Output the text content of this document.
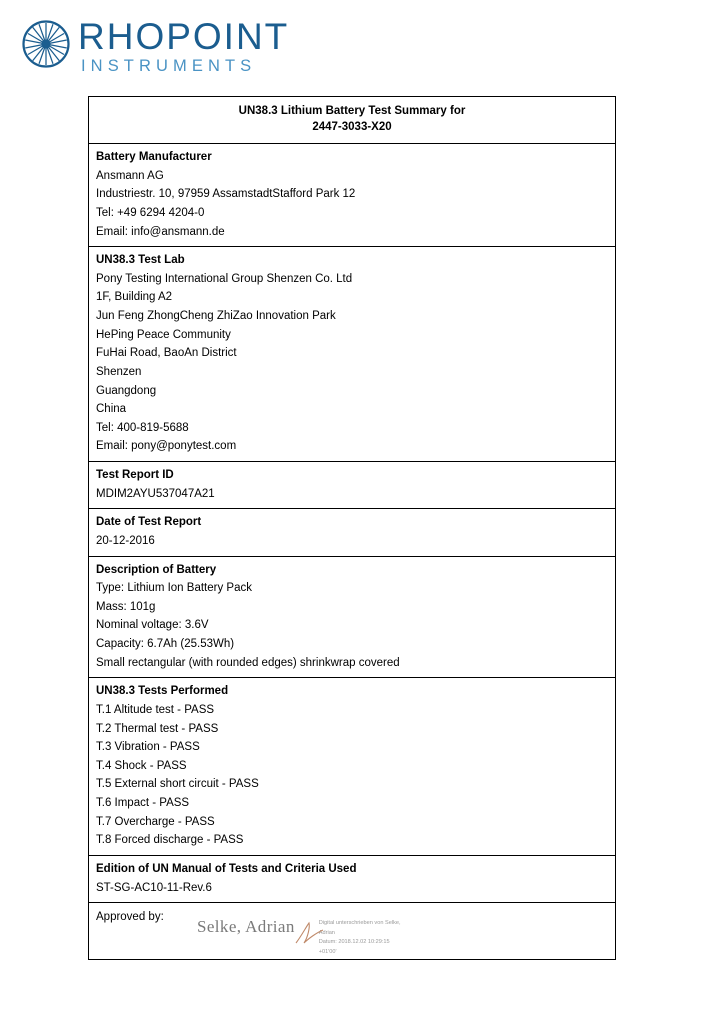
RHOPOINT
INSTRUMENTS
UN38.3 Lithium Battery Test Summary for
2447-3033-X20
Battery Manufacturer
Ansmann AG
Industriestr. 10, 97959 AssamstadtStafford Park 12
Tel: +49 6294 4204-0
Email: info@ansmann.de
UN38.3 Test Lab
Pony Testing International Group Shenzen Co. Ltd
1F, Building A2
Jun Feng ZhongCheng ZhiZao Innovation Park
HePing Peace Community
FuHai Road, BaoAn District
Shenzen
Guangdong
China
Tel: 400-819-5688
Email: pony@ponytest.com
Test Report ID
MDIM2AYU537047A21
Date of Test Report
20-12-2016
Description of Battery
Type: Lithium Ion Battery Pack
Mass: 101g
Nominal voltage: 3.6V
Capacity: 6.7Ah (25.53Wh)
Small rectangular (with rounded edges) shrinkwrap covered
UN38.3 Tests Performed
T.1 Altitude test - PASS
T.2 Thermal test - PASS
T.3 Vibration - PASS
T.4 Shock - PASS
T.5 External short circuit - PASS
T.6 Impact - PASS
T.7 Overcharge - PASS
T.8 Forced discharge - PASS
Edition of UN Manual of Tests and Criteria Used
ST-SG-AC10-11-Rev.6
Approved by:	Selke, Adrian	Digital unterschrieben von Selke,
Adrian
Datum: 2018.12.02 10:29:15
+01'00'
